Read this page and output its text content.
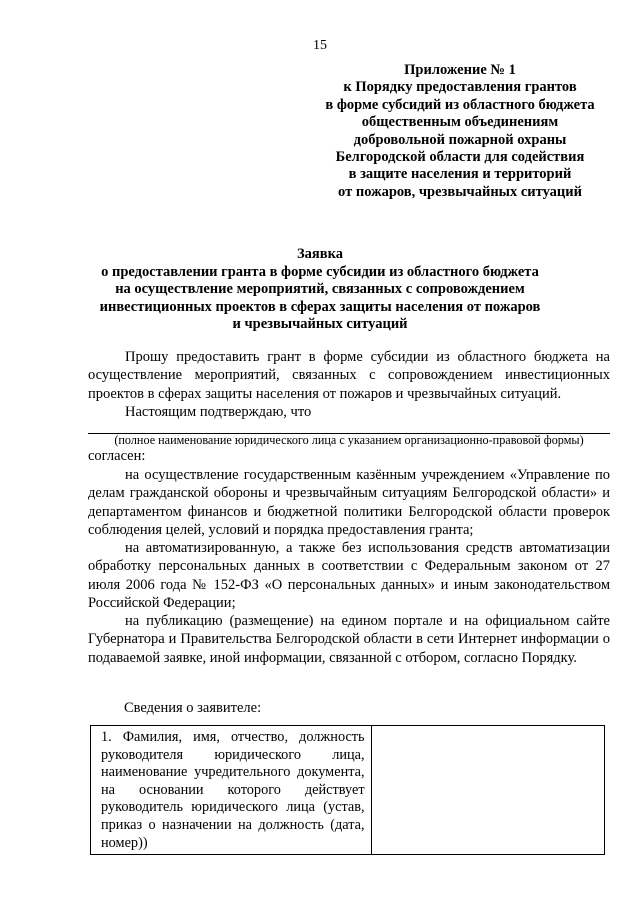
15
Приложение № 1
к Порядку предоставления грантов
в форме субсидий из областного бюджета
общественным объединениям
добровольной пожарной охраны
Белгородской области для содействия
в защите населения и территорий
от пожаров, чрезвычайных ситуаций
Заявка
о предоставлении гранта в форме субсидии из областного бюджета
на осуществление мероприятий, связанных с сопровождением
инвестиционных проектов в сферах защиты населения от пожаров
и чрезвычайных ситуаций
Прошу предоставить грант в форме субсидии из областного бюджета на осуществление мероприятий, связанных с сопровождением инвестиционных проектов в сферах защиты населения от пожаров и чрезвычайных ситуаций.
Настоящим подтверждаю, что
(полное наименование юридического лица с указанием организационно-правовой формы)
согласен:
на осуществление государственным казённым учреждением «Управление по делам гражданской обороны и чрезвычайным ситуациям Белгородской области» и департаментом финансов и бюджетной политики Белгородской области проверок соблюдения целей, условий и порядка предоставления гранта;
на автоматизированную, а также без использования средств автоматизации обработку персональных данных в соответствии с Федеральным законом от 27 июля 2006 года № 152-ФЗ «О персональных данных» и иным законодательством Российской Федерации;
на публикацию (размещение) на едином портале и на официальном сайте Губернатора и Правительства Белгородской области в сети Интернет информации о подаваемой заявке, иной информации, связанной с отбором, согласно Порядку.
Сведения о заявителе:
1. Фамилия, имя, отчество, должность руководителя юридического лица, наименование учредительного документа, на основании которого действует руководитель юридического лица (устав, приказ о назначении на должность (дата, номер))
